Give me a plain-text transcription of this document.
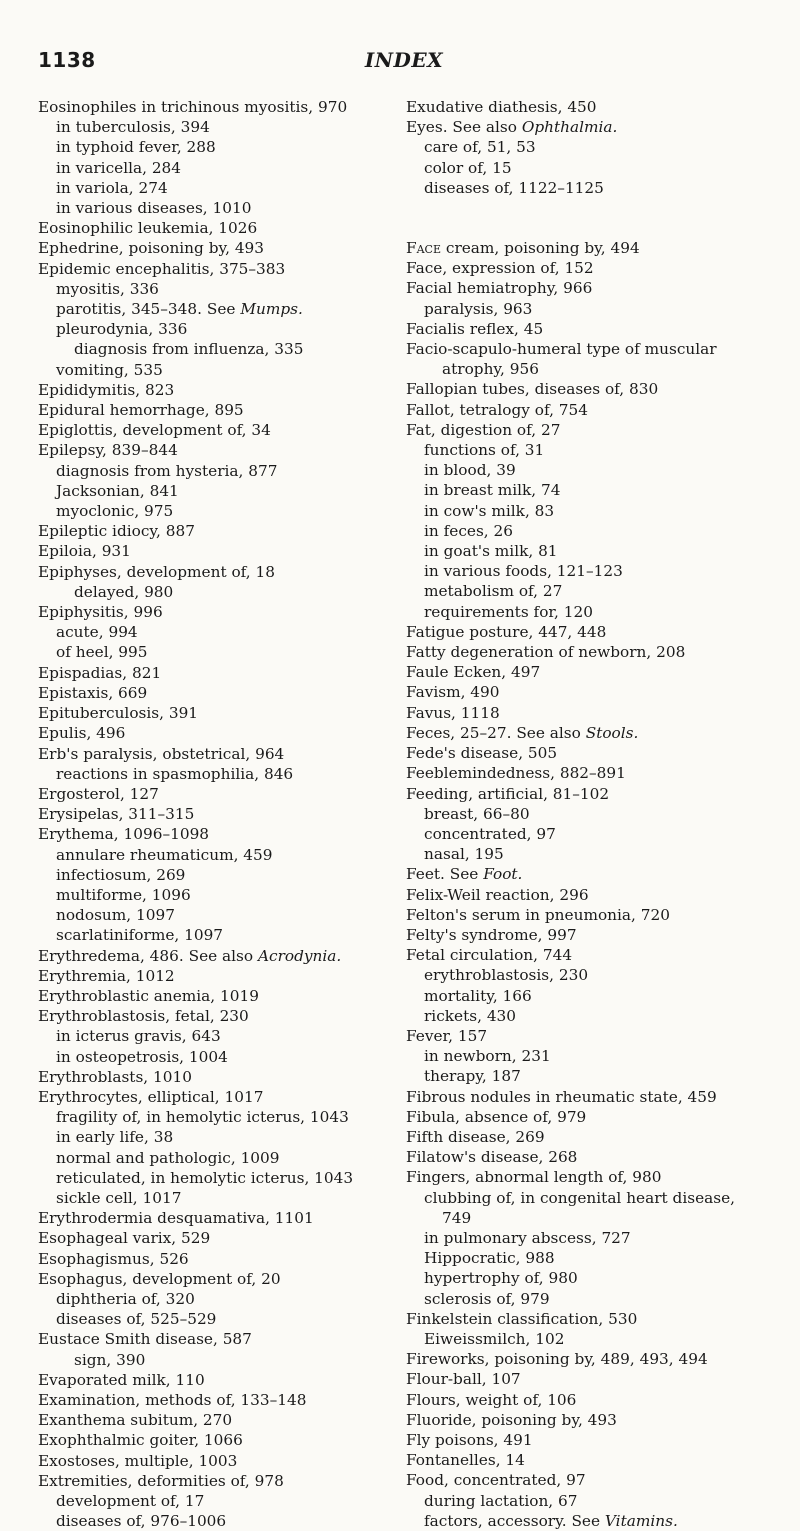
1138	INDEX
Eosinophiles in trichinous myositis, 970
in tuberculosis, 394
in typhoid fever, 288
in varicella, 284
in variola, 274
in various diseases, 1010
Eosinophilic leukemia, 1026
Ephedrine, poisoning by, 493
Epidemic encephalitis, 375–383
myositis, 336
parotitis, 345–348. See Mumps.
pleurodynia, 336
diagnosis from influenza, 335
vomiting, 535
Epididymitis, 823
Epidural hemorrhage, 895
Epiglottis, development of, 34
Epilepsy, 839–844
diagnosis from hysteria, 877
Jacksonian, 841
myoclonic, 975
Epileptic idiocy, 887
Epiloia, 931
Epiphyses, development of, 18
delayed, 980
Epiphysitis, 996
acute, 994
of heel, 995
Epispadias, 821
Epistaxis, 669
Epituberculosis, 391
Epulis, 496
Erb's paralysis, obstetrical, 964
reactions in spasmophilia, 846
Ergosterol, 127
Erysipelas, 311–315
Erythema, 1096–1098
annulare rheumaticum, 459
infectiosum, 269
multiforme, 1096
nodosum, 1097
scarlatiniforme, 1097
Erythredema, 486. See also Acrodynia.
Erythremia, 1012
Erythroblastic anemia, 1019
Erythroblastosis, fetal, 230
in icterus gravis, 643
in osteopetrosis, 1004
Erythroblasts, 1010
Erythrocytes, elliptical, 1017
fragility of, in hemolytic icterus, 1043
in early life, 38
normal and pathologic, 1009
reticulated, in hemolytic icterus, 1043
sickle cell, 1017
Erythrodermia desquamativa, 1101
Esophageal varix, 529
Esophagismus, 526
Esophagus, development of, 20
diphtheria of, 320
diseases of, 525–529
Eustace Smith disease, 587
sign, 390
Evaporated milk, 110
Examination, methods of, 133–148
Exanthema subitum, 270
Exophthalmic goiter, 1066
Exostoses, multiple, 1003
Extremities, deformities of, 978
development of, 17
diseases of, 976–1006
Exudative diathesis, 450
Eyes. See also Ophthalmia.
care of, 51, 53
color of, 15
diseases of, 1122–1125
Face cream, poisoning by, 494
Face, expression of, 152
Facial hemiatrophy, 966
paralysis, 963
Facialis reflex, 45
Facio-scapulo-humeral type of muscular
atrophy, 956
Fallopian tubes, diseases of, 830
Fallot, tetralogy of, 754
Fat, digestion of, 27
functions of, 31
in blood, 39
in breast milk, 74
in cow's milk, 83
in feces, 26
in goat's milk, 81
in various foods, 121–123
metabolism of, 27
requirements for, 120
Fatigue posture, 447, 448
Fatty degeneration of newborn, 208
Faule Ecken, 497
Favism, 490
Favus, 1118
Feces, 25–27. See also Stools.
Fede's disease, 505
Feeblemindedness, 882–891
Feeding, artificial, 81–102
breast, 66–80
concentrated, 97
nasal, 195
Feet. See Foot.
Felix-Weil reaction, 296
Felton's serum in pneumonia, 720
Felty's syndrome, 997
Fetal circulation, 744
erythroblastosis, 230
mortality, 166
rickets, 430
Fever, 157
in newborn, 231
therapy, 187
Fibrous nodules in rheumatic state, 459
Fibula, absence of, 979
Fifth disease, 269
Filatow's disease, 268
Fingers, abnormal length of, 980
clubbing of, in congenital heart disease,
749
in pulmonary abscess, 727
Hippocratic, 988
hypertrophy of, 980
sclerosis of, 979
Finkelstein classification, 530
Eiweissmilch, 102
Fireworks, poisoning by, 489, 493, 494
Flour-ball, 107
Flours, weight of, 106
Fluoride, poisoning by, 493
Fly poisons, 491
Fontanelles, 14
Food, concentrated, 97
during lactation, 67
factors, accessory. See Vitamins.
